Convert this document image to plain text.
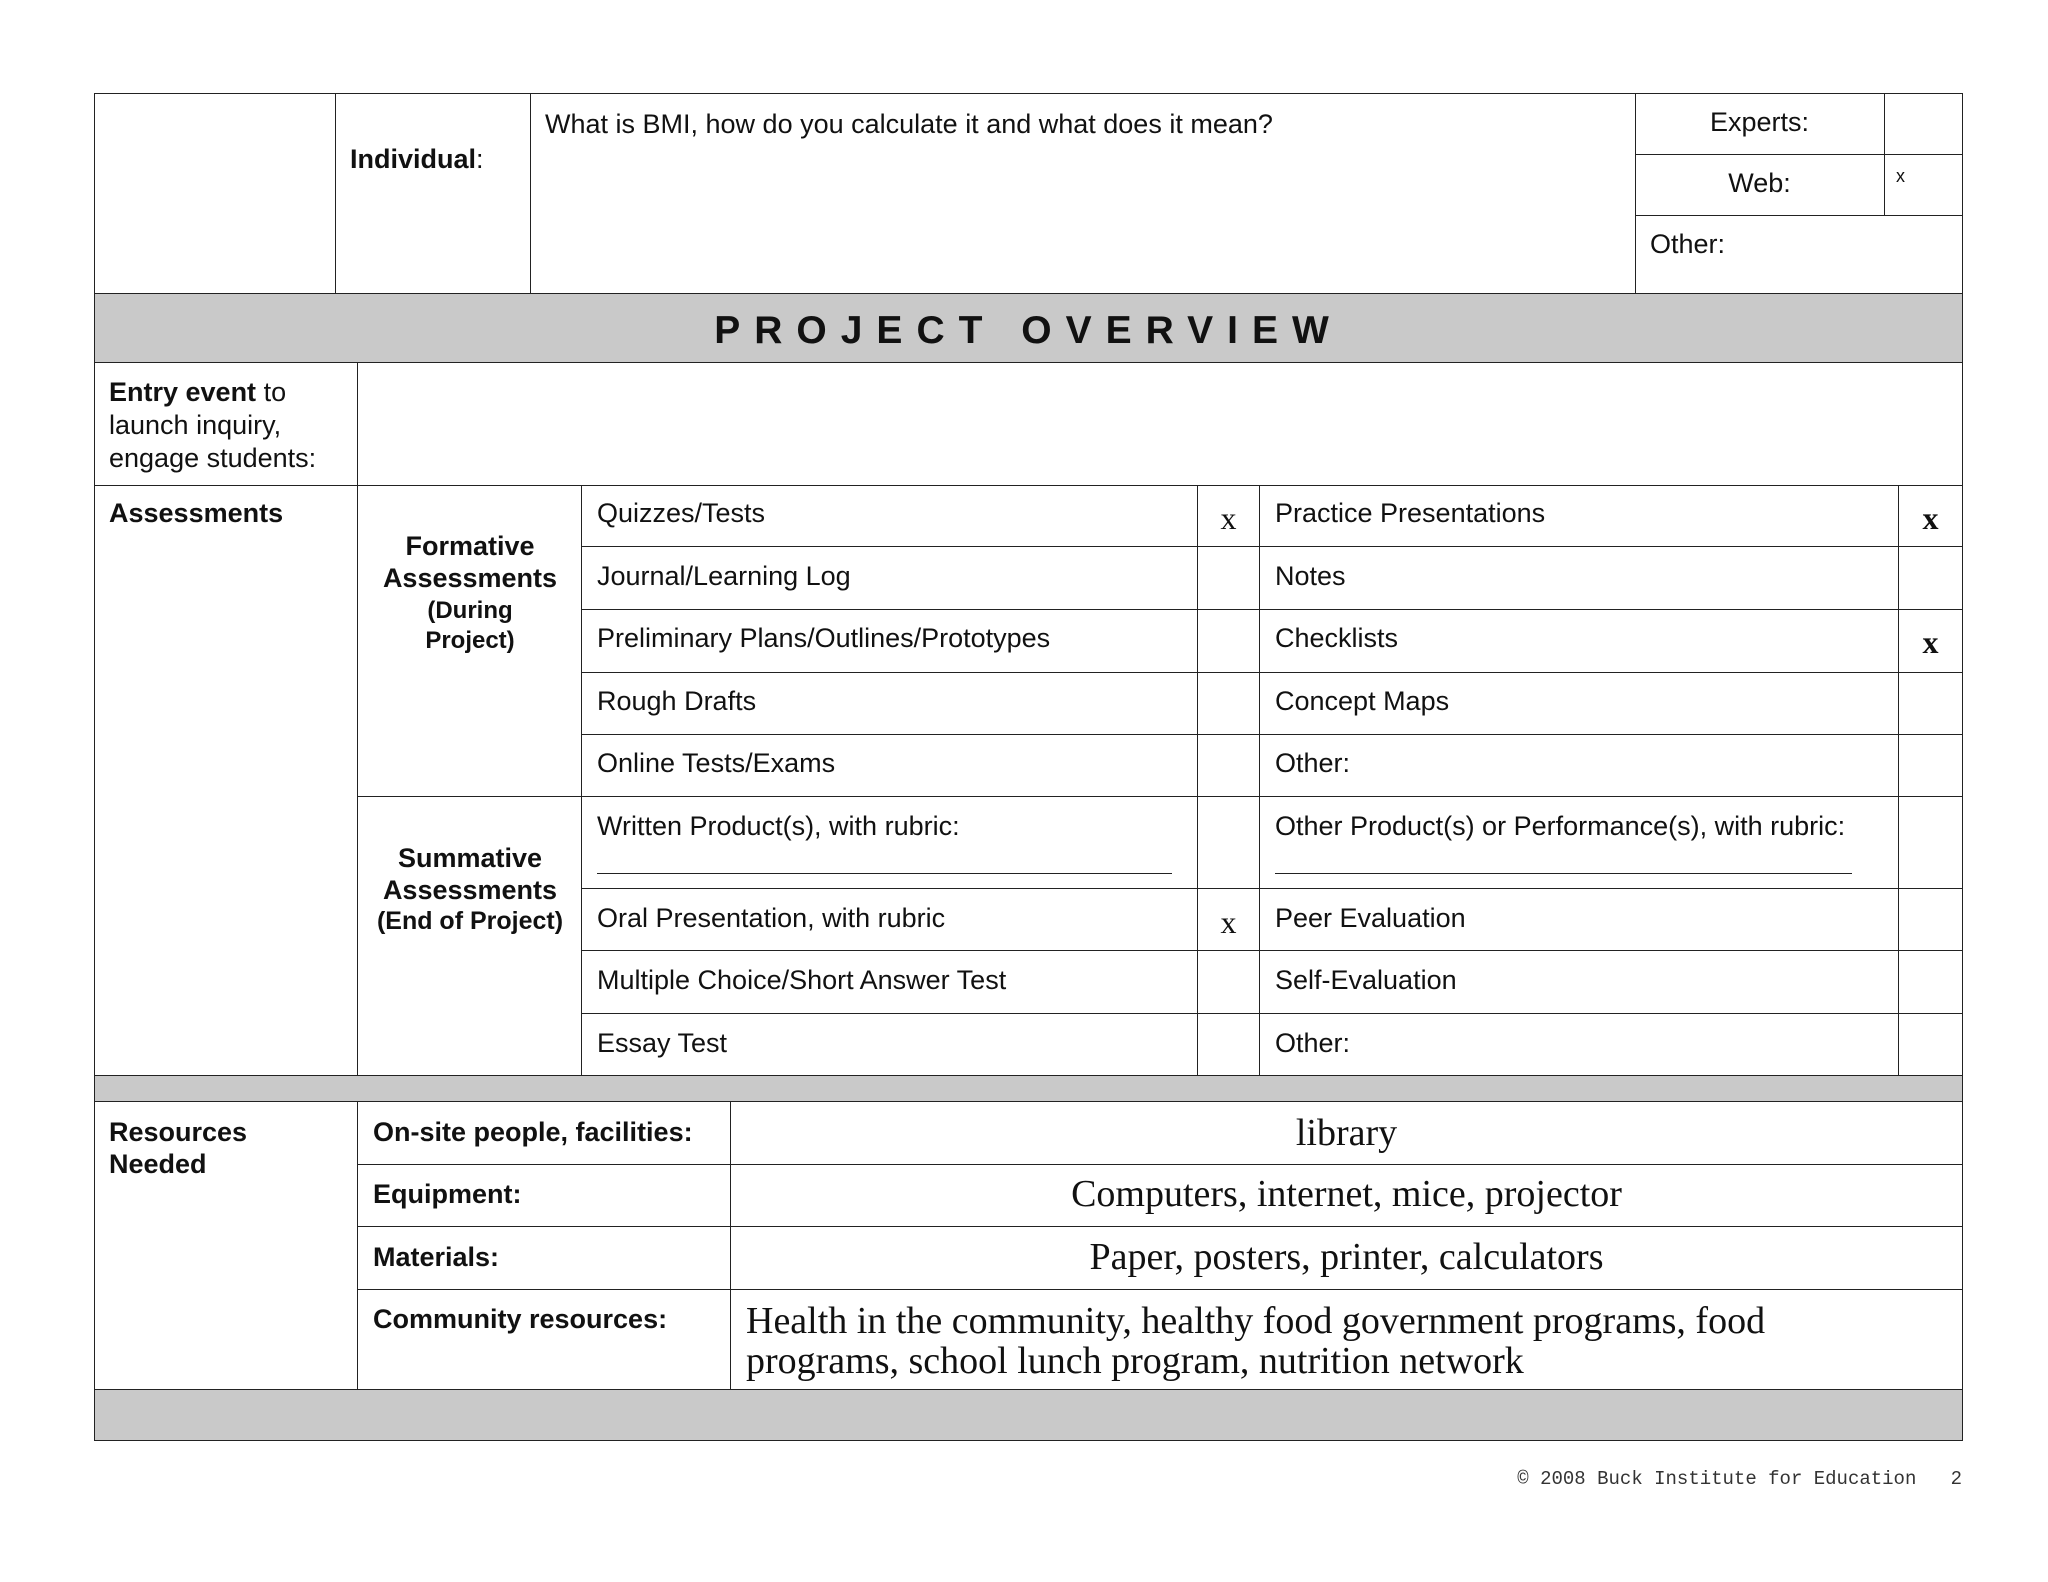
Individual:
What is BMI, how do you calculate it and what does it mean?	Experts:
Web:	x
Other:
PROJECT OVERVIEW
Entry event to launch inquiry, engage students:
Assessments
Formative Assessments
(During Project)
Quizzes/Tests	x	Practice Presentations	x
Journal/Learning Log	Notes
Preliminary Plans/Outlines/Prototypes	Checklists	x
Rough Drafts	Concept Maps
Online Tests/Exams	Other:
Summative Assessments
(End of Project)
Written Product(s), with rubric:	Other Product(s) or Performance(s), with rubric:
Oral Presentation, with rubric	x	Peer Evaluation
Multiple Choice/Short Answer Test	Self-Evaluation
Essay Test	Other:
Resources Needed
On-site people, facilities:	library
Equipment:	Computers, internet, mice, projector
Materials:	Paper, posters, printer, calculators
Community resources: Health in the community, healthy food government programs, food programs, school lunch program, nutrition network
© 2008 Buck Institute for Education 2
